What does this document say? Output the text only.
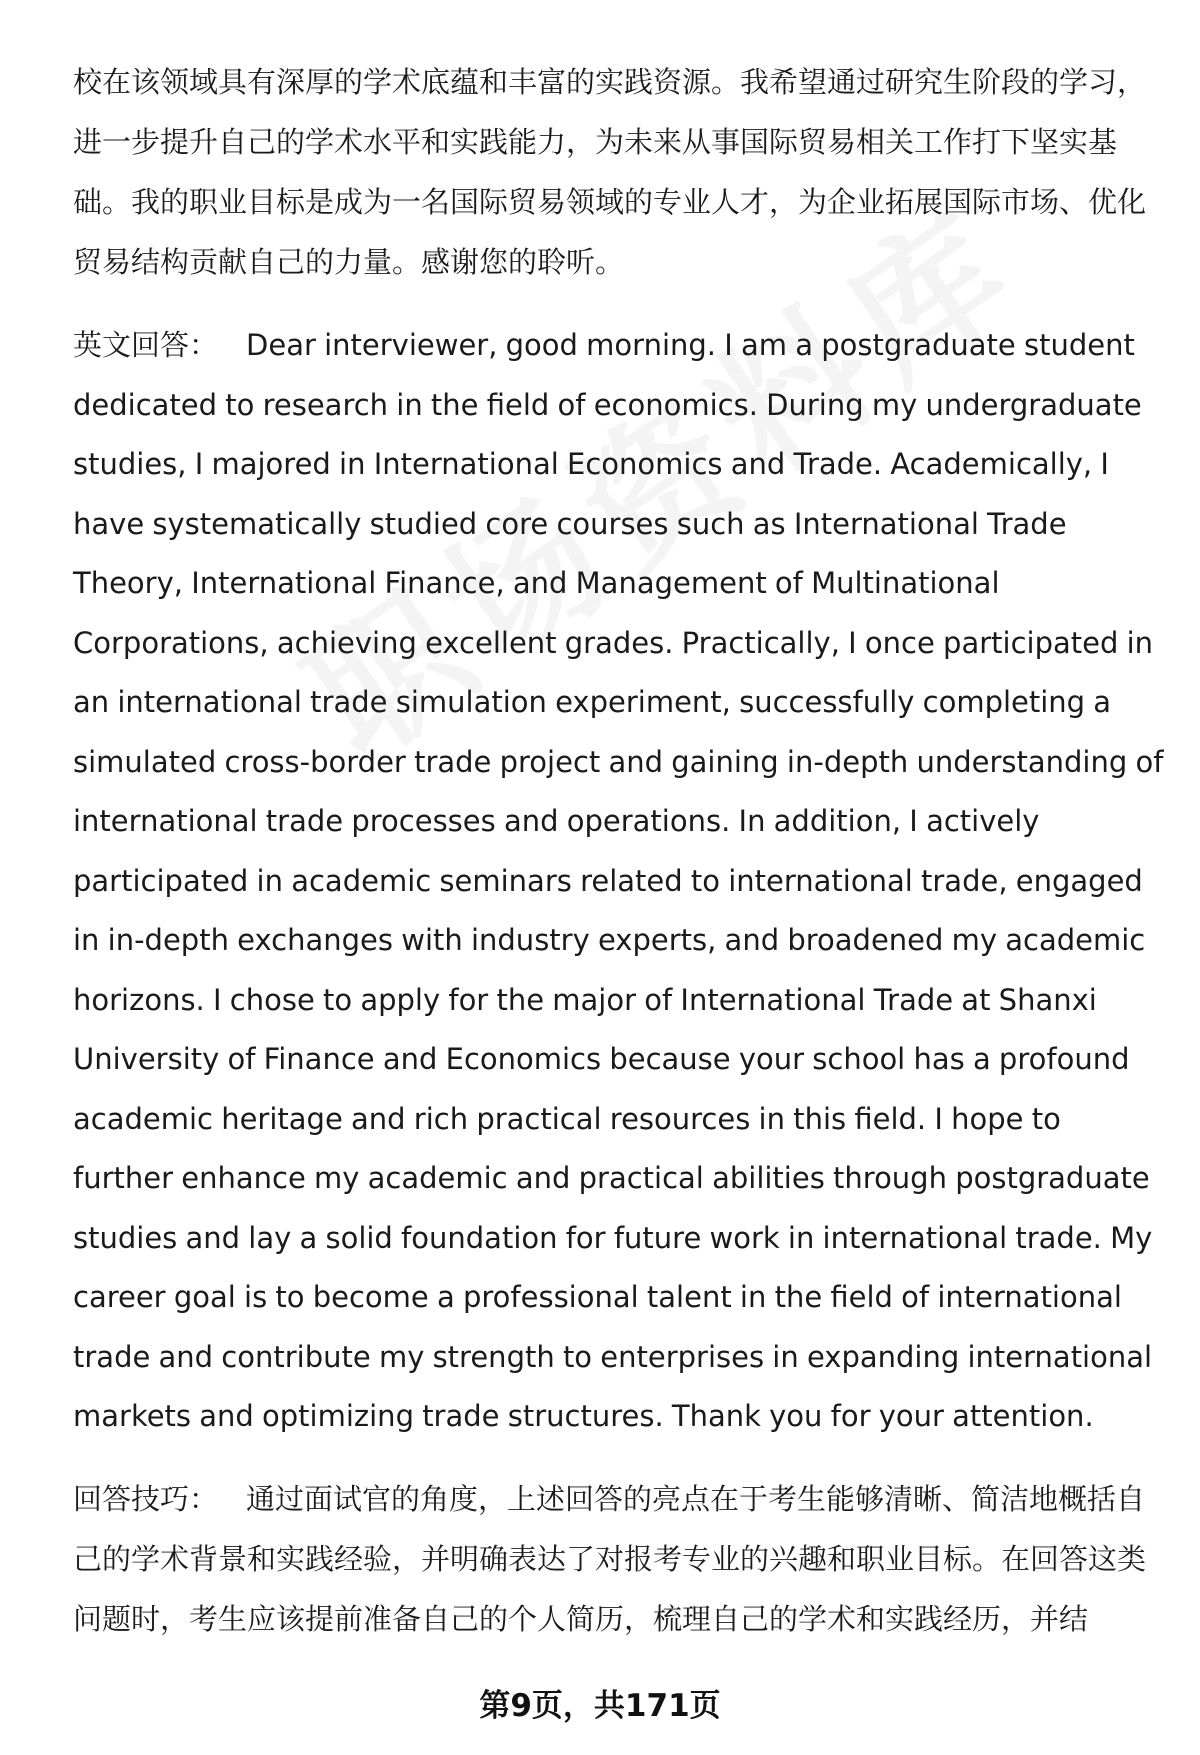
校在该领域具有深厚的学术底蕴和丰富的实践资源。我希望通过研究生阶段的学习，进一步提升自己的学术水平和实践能力，为未来从事国际贸易相关工作打下坚实基础。我的职业目标是成为一名国际贸易领域的专业人才，为企业拓展国际市场、优化贸易结构贡献自己的力量。感谢您的聆听。

英文回答： Dear interviewer, good morning. I am a postgraduate student dedicated to research in the field of economics. During my undergraduate studies, I majored in International Economics and Trade. Academically, I have systematically studied core courses such as International Trade Theory, International Finance, and Management of Multinational Corporations, achieving excellent grades. Practically, I once participated in an international trade simulation experiment, successfully completing a simulated cross-border trade project and gaining in-depth understanding of international trade processes and operations. In addition, I actively participated in academic seminars related to international trade, engaged in in-depth exchanges with industry experts, and broadened my academic horizons. I chose to apply for the major of International Trade at Shanxi University of Finance and Economics because your school has a profound academic heritage and rich practical resources in this field. I hope to further enhance my academic and practical abilities through postgraduate studies and lay a solid foundation for future work in international trade. My career goal is to become a professional talent in the field of international trade and contribute my strength to enterprises in expanding international markets and optimizing trade structures. Thank you for your attention.

回答技巧： 通过面试官的角度，上述回答的亮点在于考生能够清晰、简洁地概括自己的学术背景和实践经验，并明确表达了对报考专业的兴趣和职业目标。在回答这类问题时，考生应该提前准备自己的个人简历，梳理自己的学术和实践经历，并结

第9页，共171页
